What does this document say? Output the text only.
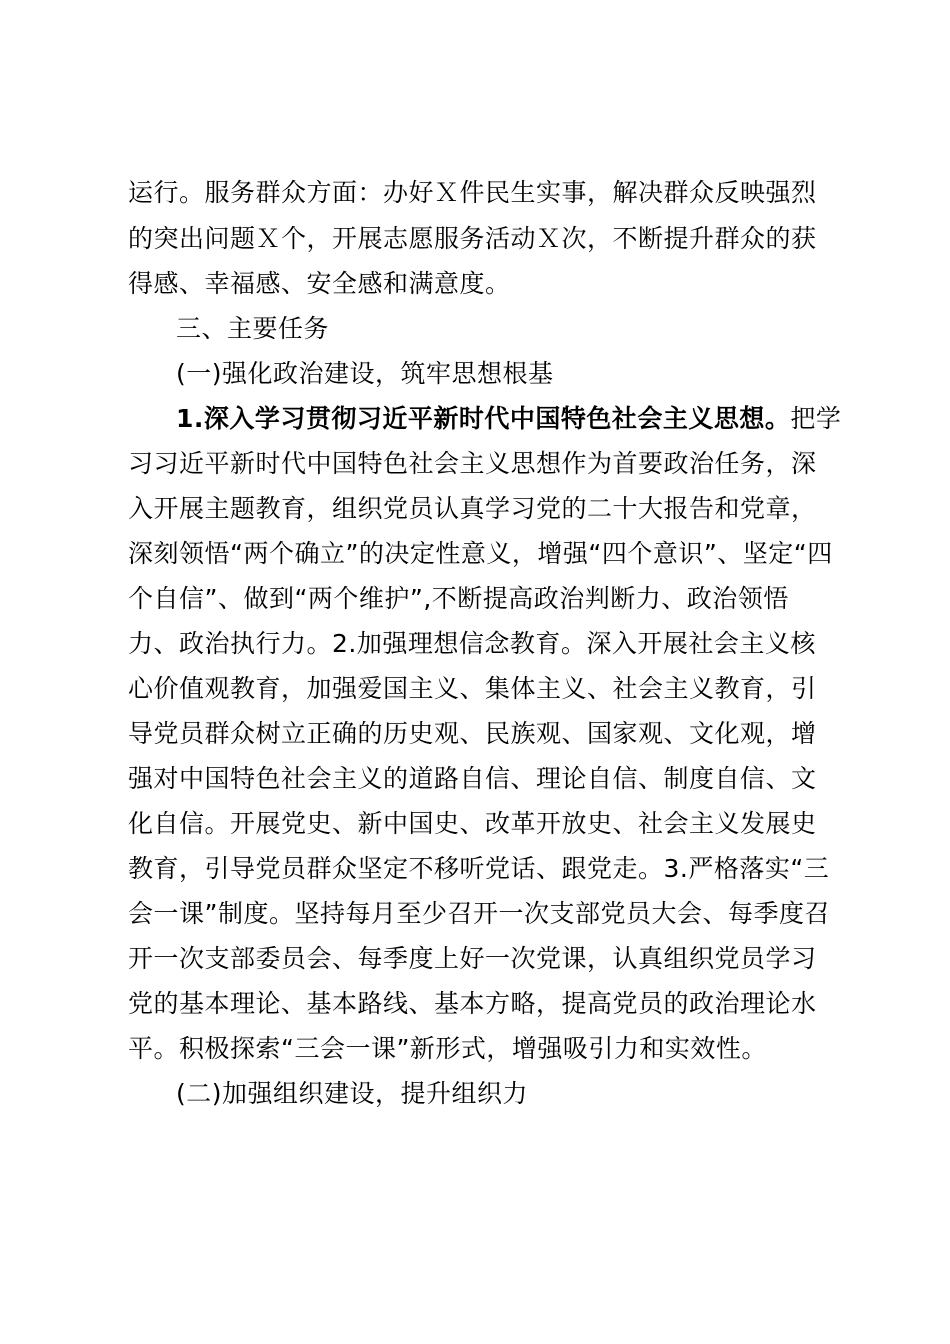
运行。服务群众方面：办好Ｘ件民生实事，解决群众反映强烈
的突出问题Ｘ个，开展志愿服务活动Ｘ次，不断提升群众的获
得感、幸福感、安全感和满意度。
三、主要任务
(一)强化政治建设，筑牢思想根基
1.深入学习贯彻习近平新时代中国特色社会主义思想。把学
习习近平新时代中国特色社会主义思想作为首要政治任务，深
入开展主题教育，组织党员认真学习党的二十大报告和党章，
深刻领悟“两个确立”的决定性意义，增强“四个意识”、坚定“四
个自信”、做到“两个维护”,不断提高政治判断力、政治领悟
力、政治执行力。2.加强理想信念教育。深入开展社会主义核
心价值观教育，加强爱国主义、集体主义、社会主义教育，引
导党员群众树立正确的历史观、民族观、国家观、文化观，增
强对中国特色社会主义的道路自信、理论自信、制度自信、文
化自信。开展党史、新中国史、改革开放史、社会主义发展史
教育，引导党员群众坚定不移听党话、跟党走。3.严格落实“三
会一课”制度。坚持每月至少召开一次支部党员大会、每季度召
开一次支部委员会、每季度上好一次党课，认真组织党员学习
党的基本理论、基本路线、基本方略，提高党员的政治理论水
平。积极探索“三会一课”新形式，增强吸引力和实效性。
(二)加强组织建设，提升组织力
